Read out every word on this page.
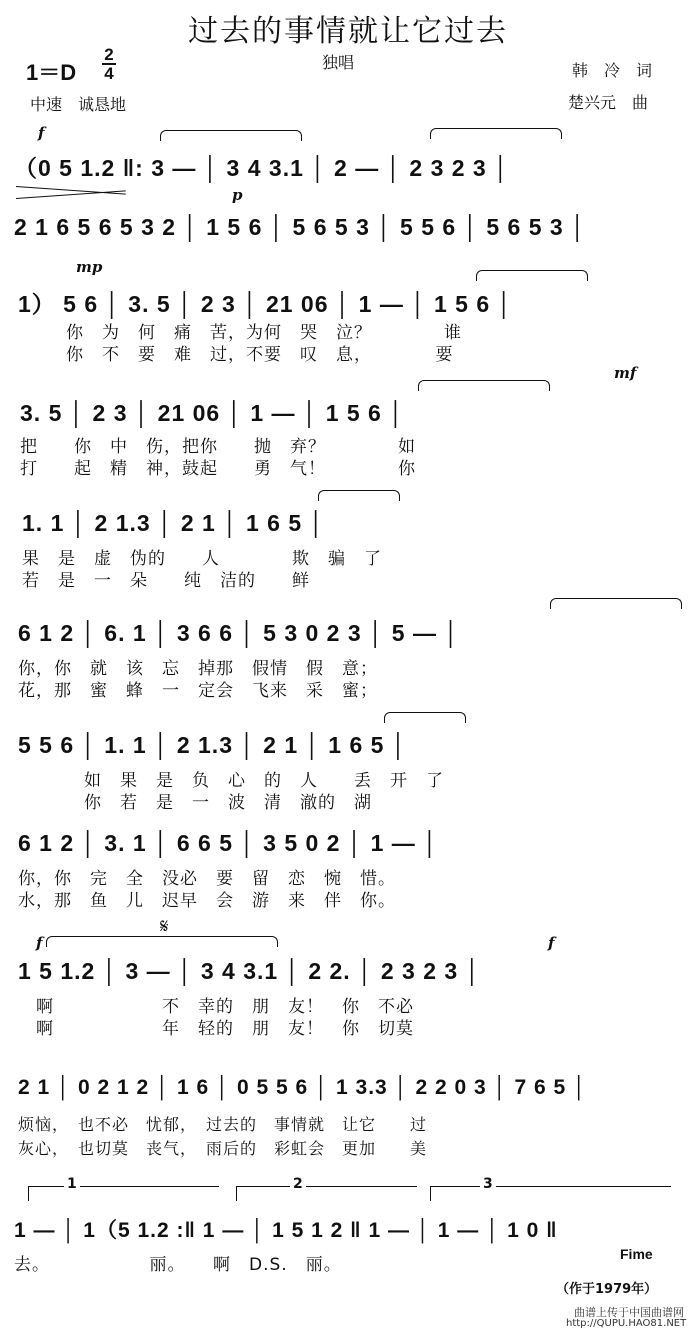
过去的事情就让它过去
1＝D
2
4
独唱
中速　诚恳地
韩　冷　词
楚兴元　曲
f
（0 5 1.2 ‖: 3 — │ 3 4 3.1 │ 2 — │ 2 3 2 3 │
p
2 1 6 5 6 5 3 2 │ 1 5 6 │ 5 6 5 3 │ 5 5 6 │ 5 6 5 3 │
mp
1） 5 6 │ 3. 5 │ 2 3 │ 21 06 │ 1 — │ 1 5 6 │
你　为　何　痛　苦，为何　哭　泣？　　　　谁
你　不　要　难　过，不要　叹　息，　　　　要
mf
3. 5 │ 2 3 │ 21 06 │ 1 — │ 1 5 6 │
把　　你　中　伤，把你　　抛　弃？　　　　如
打　　起　精　神，鼓起　　勇　气！　　　　你
1. 1 │ 2 1.3 │ 2 1 │ 1 6 5 │
果　是　虚　伪的　　人　　　　欺　骗　了
若　是　一　朵　　纯　洁的　　鲜
6 1 2 │ 6. 1 │ 3 6 6 │ 5 3 0 2 3 │ 5 — │
你，你　就　该　忘　掉那　假情　假　意；
花，那　蜜　蜂　一　定会　飞来　采　蜜；
5 5 6 │ 1. 1 │ 2 1.3 │ 2 1 │ 1 6 5 │
如　果　是　负　心　的　人　　丢　开　了
你　若　是　一　波　清　澈的　湖
6 1 2 │ 3. 1 │ 6 6 5 │ 3 5 0 2 │ 1 — │
你，你　完　全　没必　要　留　恋　惋　惜。
水，那　鱼　儿　迟早　会　游　来　伴　你。
f
𝄋
f
1 5 1.2 │ 3 — │ 3 4 3.1 │ 2 2. │ 2 3 2 3 │
啊　　　　　　不　幸的　朋　友！　你　不必
啊　　　　　　年　轻的　朋　友！　你　切莫
2 1 │ 0 2 1 2 │ 1 6 │ 0 5 5 6 │ 1 3.3 │ 2 2 0 3 │ 7 6 5 │
烦恼，　也不必　忧郁，　过去的　事情就　让它　　过
灰心，　也切莫　丧气，　雨后的　彩虹会　更加　　美
1	2	3
1 — │ 1（5 1.2 :‖ 1 — │ 1 5 1 2 ‖ 1 — │ 1 — │ 1 0 ‖
去。　　　　　　丽。　　啊　D.S.　丽。
Fime
（作于1979年）
曲谱上传于中国曲谱网
http://QUPU.HAO81.NET
